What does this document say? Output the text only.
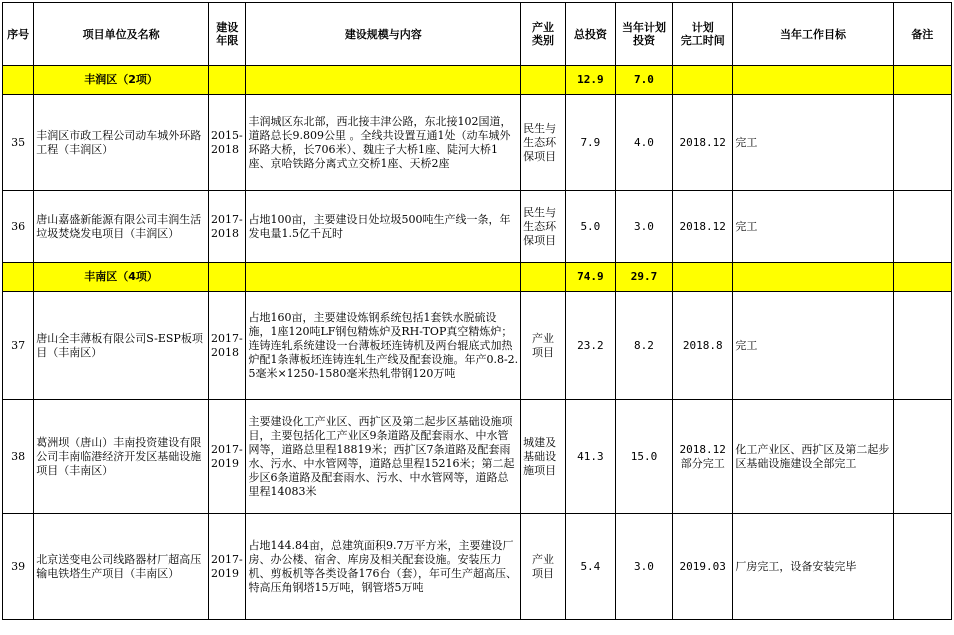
序号	项目单位及名称	建设
年限	建设规模与内容	产业
类别	总投资	当年计划
投资	计划
完工时间	当年工作目标	备注
	丰润区（2项）				12.9	7.0			
35	丰润区市政工程公司动车城外环路工程（丰润区）	2015-
2018	丰润城区东北部，西北接丰津公路，东北接102国道，道路总长9.809公里 。全线共设置互通1处（动车城外环路大桥，长706米）、魏庄子大桥1座、陡河大桥1座、京哈铁路分离式立交桥1座、天桥2座	民生与生态环保项目	7.9	4.0	2018.12	完工	
36	唐山嘉盛新能源有限公司丰润生活垃圾焚烧发电项目（丰润区）	2017-
2018	占地100亩，主要建设日处垃圾500吨生产线一条，年发电量1.5亿千瓦时	民生与生态环保项目	5.0	3.0	2018.12	完工	
	丰南区（4项）				74.9	29.7			
37	唐山全丰薄板有限公司S-ESP板项目（丰南区）	2017-
2018	占地160亩，主要建设炼钢系统包括1套铁水脱硫设施，1座120吨LF钢包精炼炉及RH-TOP真空精炼炉；连铸连轧系统建设一台薄板坯连铸机及两台辊底式加热炉配1条薄板坯连铸连轧生产线及配套设施。年产0.8-2.5毫米×1250-1580毫米热轧带钢120万吨	产业
项目	23.2	8.2	2018.8	完工	
38	葛洲坝（唐山）丰南投资建设有限公司丰南临港经济开发区基础设施项目（丰南区）	2017-
2019	主要建设化工产业区、西扩区及第二起步区基础设施项目，主要包括化工产业区9条道路及配套雨水、中水管网等，道路总里程18819米；西扩区7条道路及配套雨水、污水、中水管网等，道路总里程15216米；第二起步区6条道路及配套雨水、污水、中水管网等，道路总里程14083米	城建及基础设施项目	41.3	15.0	2018.12
部分完工	化工产业区、西扩区及第二起步区基础设施建设全部完工	
39	北京送变电公司线路器材厂超高压输电铁塔生产项目（丰南区）	2017-
2019	占地144.84亩，总建筑面积9.7万平方米，主要建设厂房、办公楼、宿舍、库房及相关配套设施。安装压力机、剪板机等各类设备176台（套），年可生产超高压、特高压角钢塔15万吨，钢管塔5万吨	产业
项目	5.4	3.0	2019.03	厂房完工，设备安装完毕	
